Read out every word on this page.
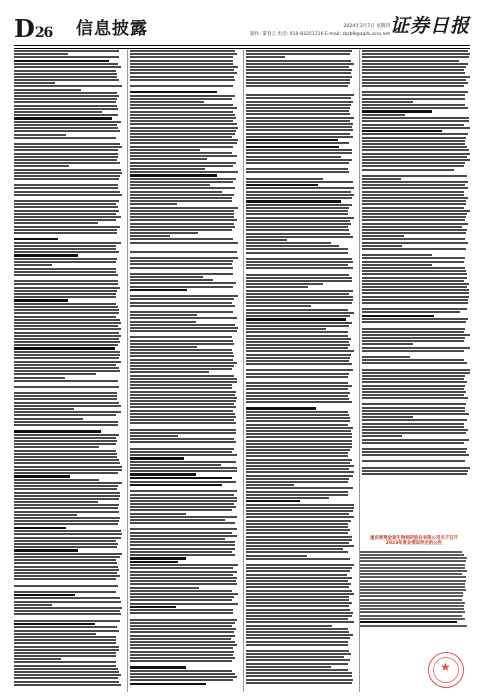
D26 信息披露	2024年3月7日 星期四
制作: 董春云 电话: 010-83251716 E-mail: zqrb9@zqrb.sina.net 证券日报
重庆智翔金泰生物制药股份有限公司关于召开
2023年度业绩说明会的公告
★
